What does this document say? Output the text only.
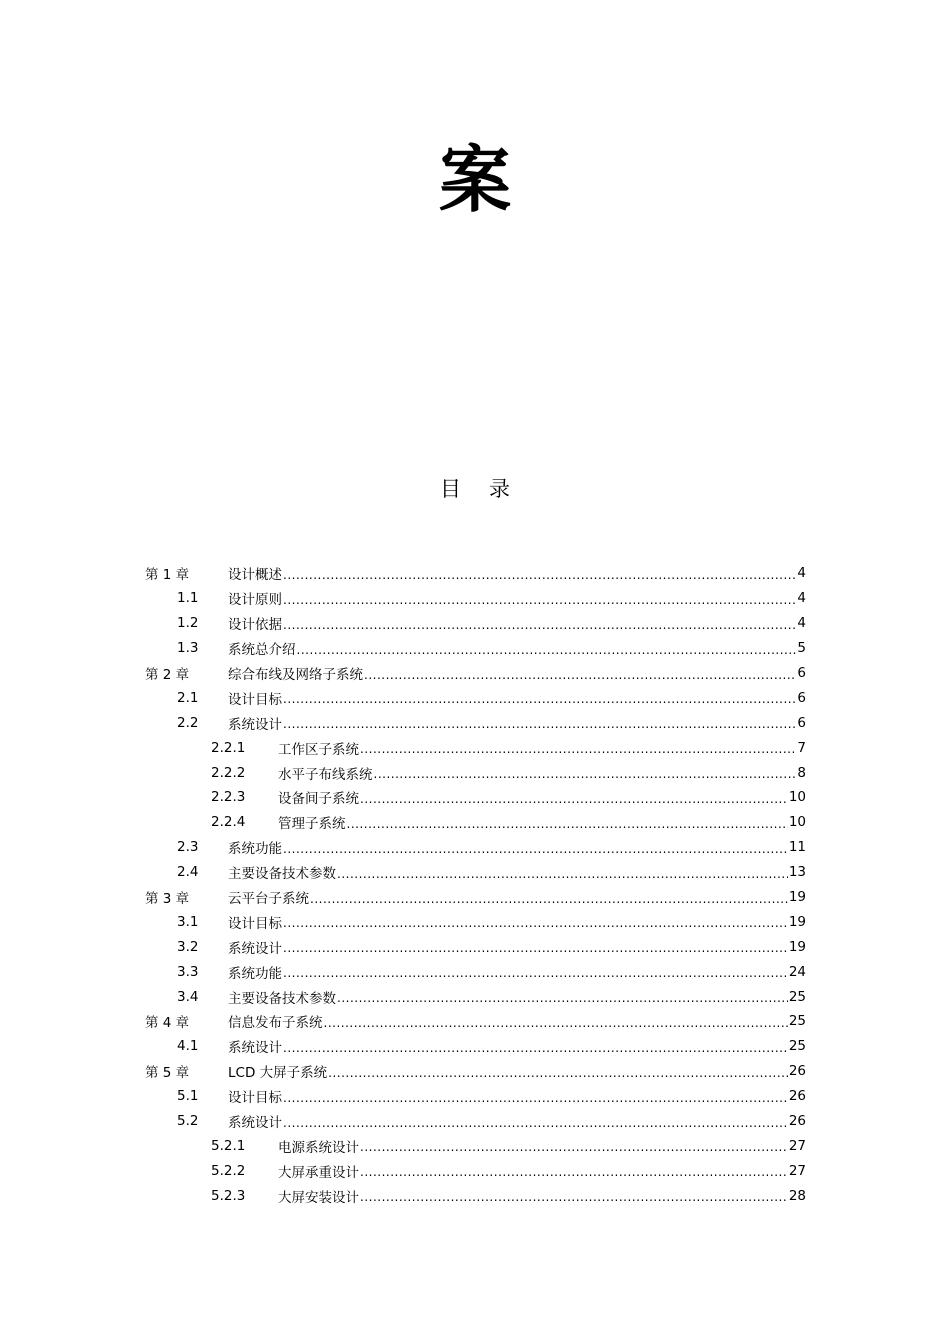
案
目录
第 1 章	设计概述 .....	4
1.1	设计原则 .....	4
1.2	设计依据 .....	4
1.3	系统总介绍 .....	5
第 2 章	综合布线及网络子系统 .....	6
2.1	设计目标 .....	6
2.2	系统设计 .....	6
2.2.1	工作区子系统 .....	7
2.2.2	水平子布线系统 .....	8
2.2.3	设备间子系统 .....	10
2.2.4	管理子系统 .....	10
2.3	系统功能 .....	11
2.4	主要设备技术参数 .....	13
第 3 章	云平台子系统 .....	19
3.1	设计目标 .....	19
3.2	系统设计 .....	19
3.3	系统功能 .....	24
3.4	主要设备技术参数 .....	25
第 4 章	信息发布子系统 .....	25
4.1	系统设计 .....	25
第 5 章	LCD 大屏子系统 .....	26
5.1	设计目标 .....	26
5.2	系统设计 .....	26
5.2.1	电源系统设计 .....	27
5.2.2	大屏承重设计 .....	27
5.2.3	大屏安装设计 .....	28
